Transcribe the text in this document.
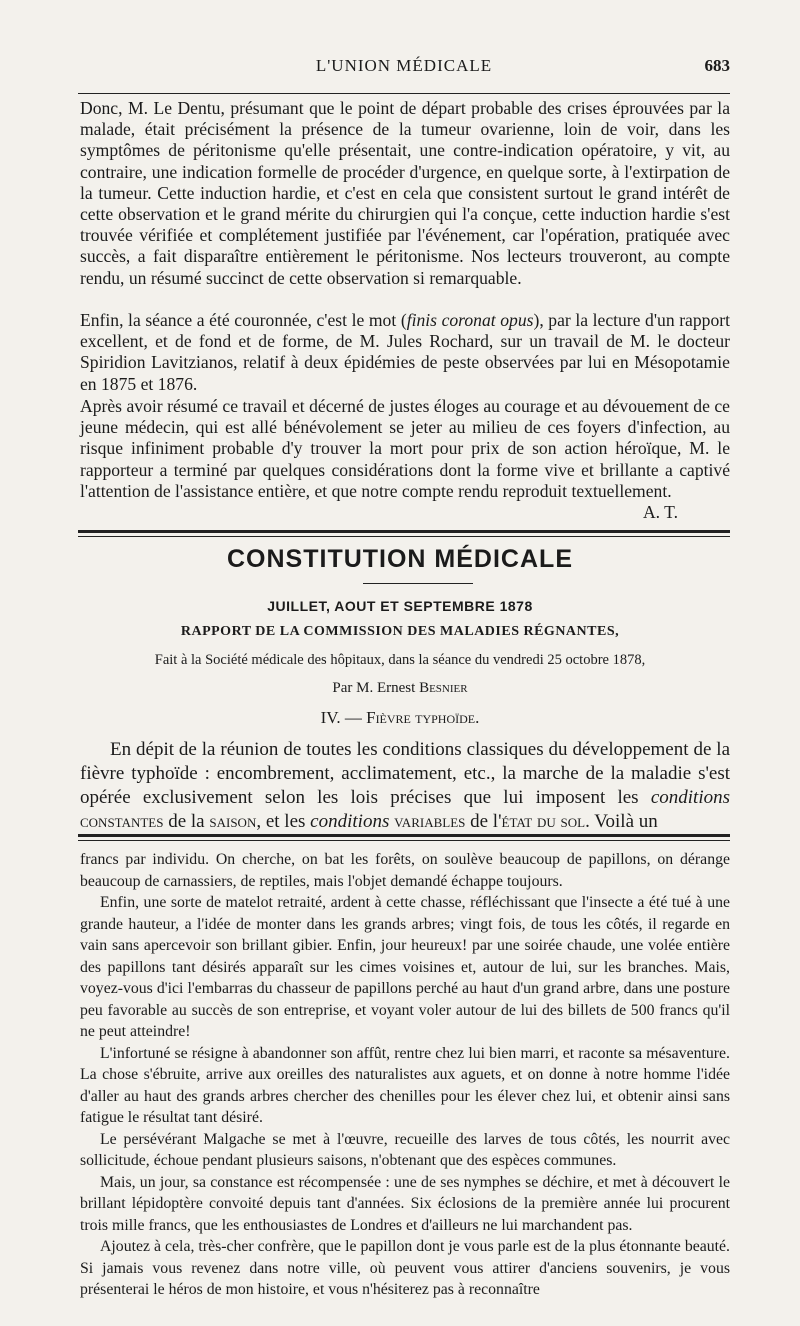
L'UNION MÉDICALE	683

Donc, M. Le Dentu, présumant que le point de départ probable des crises éprouvées par la malade, était précisément la présence de la tumeur ovarienne, loin de voir, dans les symptômes de péritonisme qu'elle présentait, une contre-indication opératoire, y vit, au contraire, une indication formelle de procéder d'urgence, en quelque sorte, à l'extirpation de la tumeur. Cette induction hardie, et c'est en cela que consistent surtout le grand intérêt de cette observation et le grand mérite du chirurgien qui l'a conçue, cette induction hardie s'est trouvée vérifiée et complétement justifiée par l'événement, car l'opération, pratiquée avec succès, a fait disparaître entièrement le péritonisme. Nos lecteurs trouveront, au compte rendu, un résumé succinct de cette observation si remarquable.

Enfin, la séance a été couronnée, c'est le mot (finis coronat opus), par la lecture d'un rapport excellent, et de fond et de forme, de M. Jules Rochard, sur un travail de M. le docteur Spiridion Lavitzianos, relatif à deux épidémies de peste observées par lui en Mésopotamie en 1875 et 1876.

Après avoir résumé ce travail et décerné de justes éloges au courage et au dévouement de ce jeune médecin, qui est allé bénévolement se jeter au milieu de ces foyers d'infection, au risque infiniment probable d'y trouver la mort pour prix de son action héroïque, M. le rapporteur a terminé par quelques considérations dont la forme vive et brillante a captivé l'attention de l'assistance entière, et que notre compte rendu reproduit textuellement.
A. T.

CONSTITUTION MÉDICALE
JUILLET, AOUT ET SEPTEMBRE 1878
RAPPORT DE LA COMMISSION DES MALADIES RÉGNANTES,
Fait à la Société médicale des hôpitaux, dans la séance du vendredi 25 octobre 1878,
Par M. Ernest Besnier
IV. — Fièvre typhoïde.

En dépit de la réunion de toutes les conditions classiques du développement de la fièvre typhoïde : encombrement, acclimatement, etc., la marche de la maladie s'est opérée exclusivement selon les lois précises que lui imposent les conditions constantes de la saison, et les conditions variables de l'état du sol. Voilà un

francs par individu. On cherche, on bat les forêts, on soulève beaucoup de papillons, on dérange beaucoup de carnassiers, de reptiles, mais l'objet demandé échappe toujours.

Enfin, une sorte de matelot retraité, ardent à cette chasse, réfléchissant que l'insecte a été tué à une grande hauteur, a l'idée de monter dans les grands arbres; vingt fois, de tous les côtés, il regarde en vain sans apercevoir son brillant gibier. Enfin, jour heureux! par une soirée chaude, une volée entière des papillons tant désirés apparaît sur les cimes voisines et, autour de lui, sur les branches. Mais, voyez-vous d'ici l'embarras du chasseur de papillons perché au haut d'un grand arbre, dans une posture peu favorable au succès de son entreprise, et voyant voler autour de lui des billets de 500 francs qu'il ne peut atteindre!

L'infortuné se résigne à abandonner son affût, rentre chez lui bien marri, et raconte sa mésaventure. La chose s'ébruite, arrive aux oreilles des naturalistes aux aguets, et on donne à notre homme l'idée d'aller au haut des grands arbres chercher des chenilles pour les élever chez lui, et obtenir ainsi sans fatigue le résultat tant désiré.

Le persévérant Malgache se met à l'œuvre, recueille des larves de tous côtés, les nourrit avec sollicitude, échoue pendant plusieurs saisons, n'obtenant que des espèces communes.

Mais, un jour, sa constance est récompensée : une de ses nymphes se déchire, et met à découvert le brillant lépidoptère convoité depuis tant d'années. Six éclosions de la première année lui procurent trois mille francs, que les enthousiastes de Londres et d'ailleurs ne lui marchandent pas.

Ajoutez à cela, très-cher confrère, que le papillon dont je vous parle est de la plus étonnante beauté. Si jamais vous revenez dans notre ville, où peuvent vous attirer d'anciens souvenirs, je vous présenterai le héros de mon histoire, et vous n'hésiterez pas à reconnaître
